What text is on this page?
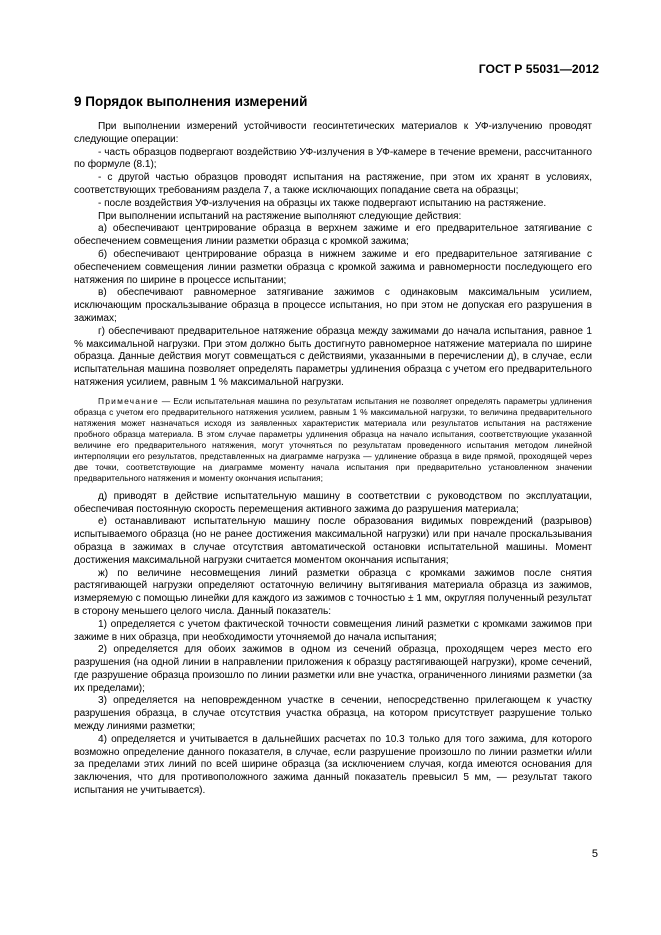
ГОСТ Р 55031—2012
9 Порядок выполнения измерений

При выполнении измерений устойчивости геосинтетических материалов к УФ-излучению проводят следующие операции:

- часть образцов подвергают воздействию УФ-излучения в УФ-камере в течение времени, рассчитанного по формуле (8.1);

- с другой частью образцов проводят испытания на растяжение, при этом их хранят в условиях, соответствующих требованиям раздела 7, а также исключающих попадание света на образцы;

- после воздействия УФ-излучения на образцы их также подвергают испытанию на растяжение.

При выполнении испытаний на растяжение выполняют следующие действия:

а) обеспечивают центрирование образца в верхнем зажиме и его предварительное затягивание с обеспечением совмещения линии разметки образца с кромкой зажима;

б) обеспечивают центрирование образца в нижнем зажиме и его предварительное затягивание с обеспечением совмещения линии разметки образца с кромкой зажима и равномерности последующего его натяжения по ширине в процессе испытании;

в) обеспечивают равномерное затягивание зажимов с одинаковым максимальным усилием, исключающим проскальзывание образца в процессе испытания, но при этом не допуская его разрушения в зажимах;

г) обеспечивают предварительное натяжение образца между зажимами до начала испытания, равное 1 % максимальной нагрузки. При этом должно быть достигнуто равномерное натяжение материала по ширине образца. Данные действия могут совмещаться с действиями, указанными в перечислении д), в случае, если испытательная машина позволяет определять параметры удлинения образца с учетом его предварительного натяжения усилием, равным 1 % максимальной нагрузки.

Примечание — Если испытательная машина по результатам испытания не позволяет определять параметры удлинения образца с учетом его предварительного натяжения усилием, равным 1 % максимальной нагрузки, то величина предварительного натяжения может назначаться исходя из заявленных характеристик материала или результатов испытания на растяжение пробного образца материала. В этом случае параметры удлинения образца на начало испытания, соответствующие указанной величине его предварительного натяжения, могут уточняться по результатам проведенного испытания методом линейной интерполяции его результатов, представленных на диаграмме нагрузка — удлинение образца в виде прямой, проходящей через две точки, соответствующие на диаграмме моменту начала испытания при предварительно установленном значении предварительного натяжения и моменту окончания испытания;

д) приводят в действие испытательную машину в соответствии с руководством по эксплуатации, обеспечивая постоянную скорость перемещения активного зажима до разрушения материала;

е) останавливают испытательную машину после образования видимых повреждений (разрывов) испытываемого образца (но не ранее достижения максимальной нагрузки) или при начале проскальзывания образца в зажимах в случае отсутствия автоматической остановки испытательной машины. Момент достижения максимальной нагрузки считается моментом окончания испытания;

ж) по величине несовмещения линий разметки образца с кромками зажимов после снятия растягивающей нагрузки определяют остаточную величину вытягивания материала образца из зажимов, измеряемую с помощью линейки для каждого из зажимов с точностью ± 1 мм, округляя полученный результат в сторону меньшего целого числа. Данный показатель:

1) определяется с учетом фактической точности совмещения линий разметки с кромками зажимов при зажиме в них образца, при необходимости уточняемой до начала испытания;

2) определяется для обоих зажимов в одном из сечений образца, проходящем через место его разрушения (на одной линии в направлении приложения к образцу растягивающей нагрузки), кроме сечений, где разрушение образца произошло по линии разметки или вне участка, ограниченного линиями разметки (за их пределами);

3) определяется на неповрежденном участке в сечении, непосредственно прилегающем к участку разрушения образца, в случае отсутствия участка образца, на котором присутствует разрушение только между линиями разметки;

4) определяется и учитывается в дальнейших расчетах по 10.3 только для того зажима, для которого возможно определение данного показателя, в случае, если разрушение произошло по линии разметки и/или за пределами этих линий по всей ширине образца (за исключением случая, когда имеются основания для заключения, что для противоположного зажима данный показатель превысил 5 мм, — результат такого испытания не учитывается).

5
